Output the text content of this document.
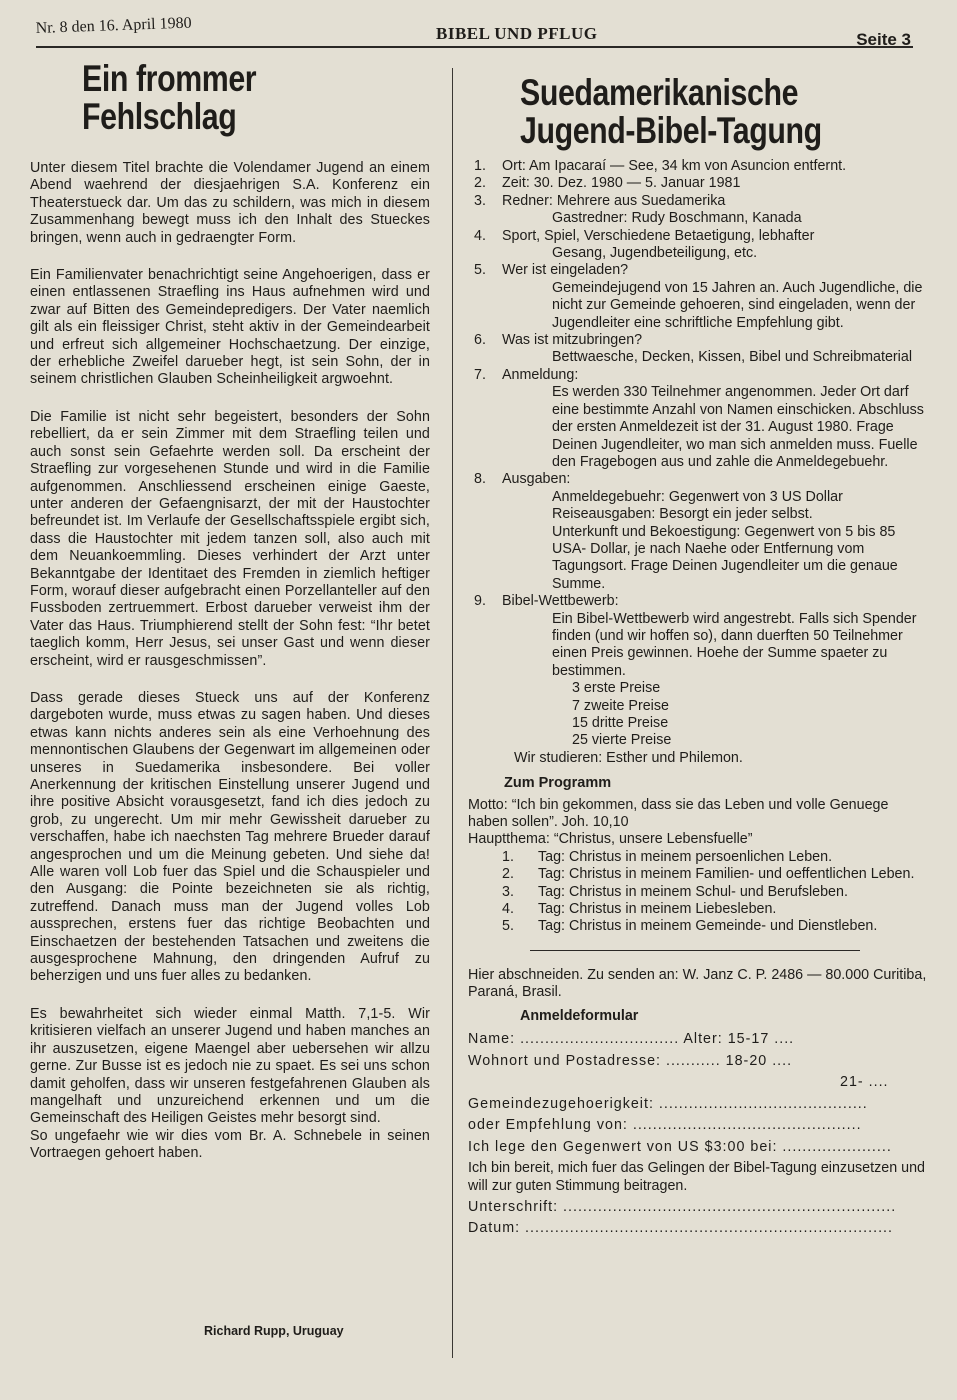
Nr. 8 den 16. April 1980	BIBEL UND PFLUG	Seite 3
Ein frommer
Fehlschlag

Unter diesem Titel brachte die Volendamer Jugend an einem Abend waehrend der diesjaehrigen S.A. Konferenz ein Theaterstueck dar. Um das zu schildern, was mich in diesem Zusammenhang bewegt muss ich den Inhalt des Stueckes bringen, wenn auch in gedraengter Form.

Ein Familienvater benachrichtigt seine Angehoerigen, dass er einen entlassenen Straefling ins Haus aufnehmen wird und zwar auf Bitten des Gemeindepredigers. Der Vater naemlich gilt als ein fleissiger Christ, steht aktiv in der Gemeindearbeit und erfreut sich allgemeiner Hochschaetzung. Der einzige, der erhebliche Zweifel darueber hegt, ist sein Sohn, der in seinem christlichen Glauben Scheinheiligkeit argwoehnt.

Die Familie ist nicht sehr begeistert, besonders der Sohn rebelliert, da er sein Zimmer mit dem Straefling teilen und auch sonst sein Gefaehrte werden soll. Da erscheint der Straefling zur vorgesehenen Stunde und wird in die Familie aufgenommen. Anschliessend erscheinen einige Gaeste, unter anderen der Gefaengnisarzt, der mit der Haustochter befreundet ist. Im Verlaufe der Gesellschaftsspiele ergibt sich, dass die Haustochter mit jedem tanzen soll, also auch mit dem Neuankoemmling. Dieses verhindert der Arzt unter Bekanntgabe der Identitaet des Fremden in ziemlich heftiger Form, worauf dieser aufgebracht einen Porzellanteller auf den Fussboden zertruemmert. Erbost darueber verweist ihm der Vater das Haus. Triumphierend stellt der Sohn fest: “Ihr betet taeglich komm, Herr Jesus, sei unser Gast und wenn dieser erscheint, wird er rausgeschmissen”.

Dass gerade dieses Stueck uns auf der Konferenz dargeboten wurde, muss etwas zu sagen haben. Und dieses etwas kann nichts anderes sein als eine Verhoehnung des mennontischen Glaubens der Gegenwart im allgemeinen oder unseres in Suedamerika insbesondere. Bei voller Anerkennung der kritischen Einstellung unserer Jugend und ihre positive Absicht vorausgesetzt, fand ich dies jedoch zu grob, zu ungerecht. Um mir mehr Gewissheit darueber zu verschaffen, habe ich naechsten Tag mehrere Brueder darauf angesprochen und um die Meinung gebeten. Und siehe da! Alle waren voll Lob fuer das Spiel und die Schauspieler und den Ausgang: die Pointe bezeichneten sie als richtig, zutreffend. Danach muss man der Jugend volles Lob aussprechen, erstens fuer das richtige Beobachten und Einschaetzen der bestehenden Tatsachen und zweitens die ausgesprochene Mahnung, den dringenden Aufruf zu beherzigen und uns fuer alles zu bedanken.

Es bewahrheitet sich wieder einmal Matth. 7,1-5. Wir kritisieren vielfach an unserer Jugend und haben manches an ihr auszusetzen, eigene Maengel aber uebersehen wir allzu gerne. Zur Busse ist es jedoch nie zu spaet. Es sei uns schon damit geholfen, dass wir unseren festgefahrenen Glauben als mangelhaft und unzureichend erkennen und um die Gemeinschaft des Heiligen Geistes mehr besorgt sind.

So ungefaehr wie wir dies vom Br. A. Schnebele in seinen Vortraegen gehoert haben.

Richard Rupp, Uruguay
Suedamerikanische
Jugend-Bibel-Tagung
1. Ort: Am Ipacaraí — See, 34 km von Asuncion entfernt.
2. Zeit: 30. Dez. 1980 — 5. Januar 1981
3. Redner: Mehrere aus Suedamerika
Gastredner: Rudy Boschmann, Kanada
4. Sport, Spiel, Verschiedene Betaetigung, lebhafter
Gesang, Jugendbeteiligung, etc.
5. Wer ist eingeladen?
Gemeindejugend von 15 Jahren an. Auch Jugendliche, die nicht zur Gemeinde gehoeren, sind eingeladen, wenn der Jugendleiter eine schriftliche Empfehlung gibt.
6. Was ist mitzubringen?
Bettwaesche, Decken, Kissen, Bibel und Schreibmaterial
7. Anmeldung:
Es werden 330 Teilnehmer angenommen. Jeder Ort darf eine bestimmte Anzahl von Namen einschicken. Abschluss der ersten Anmeldezeit ist der 31. August 1980. Frage Deinen Jugendleiter, wo man sich anmelden muss. Fuelle den Fragebogen aus und zahle die Anmeldegebuehr.
8. Ausgaben:
Anmeldegebuehr: Gegenwert von 3 US Dollar
Reiseausgaben: Besorgt ein jeder selbst.
Unterkunft und Bekoestigung: Gegenwert von 5 bis 85 USA- Dollar, je nach Naehe oder Entfernung vom Tagungsort. Frage Deinen Jugendleiter um die genaue Summe.
9. Bibel-Wettbewerb:
Ein Bibel-Wettbewerb wird angestrebt. Falls sich Spender finden (und wir hoffen so), dann duerften 50 Teilnehmer einen Preis gewinnen. Hoehe der Summe spaeter zu bestimmen.
3 erste Preise
7 zweite Preise
15 dritte Preise
25 vierte Preise
Wir studieren: Esther und Philemon.
Zum Programm
Motto: “Ich bin gekommen, dass sie das Leben und volle Genuege haben sollen”. Joh. 10,10
Hauptthema: “Christus, unsere Lebensfuelle”
1. Tag: Christus in meinem persoenlichen Leben.
2. Tag: Christus in meinem Familien- und oeffentlichen Leben.
3. Tag: Christus in meinem Schul- und Berufsleben.
4. Tag: Christus in meinem Liebesleben.
5. Tag: Christus in meinem Gemeinde- und Dienstleben.
Hier abschneiden. Zu senden an: W. Janz C. P. 2486 — 80.000 Curitiba, Paraná, Brasil.
Anmeldeformular
Name: ................................ Alter: 15-17 ....
Wohnort und Postadresse: ........... 18-20 ....
21- ....
Gemeindezugehoerigkeit: ..........................................
oder Empfehlung von: ..............................................
Ich lege den Gegenwert von US $3:00 bei: ......................
Ich bin bereit, mich fuer das Gelingen der Bibel-Tagung einzusetzen und will zur guten Stimmung beitragen.
Unterschrift: ...................................................................
Datum: ..........................................................................
